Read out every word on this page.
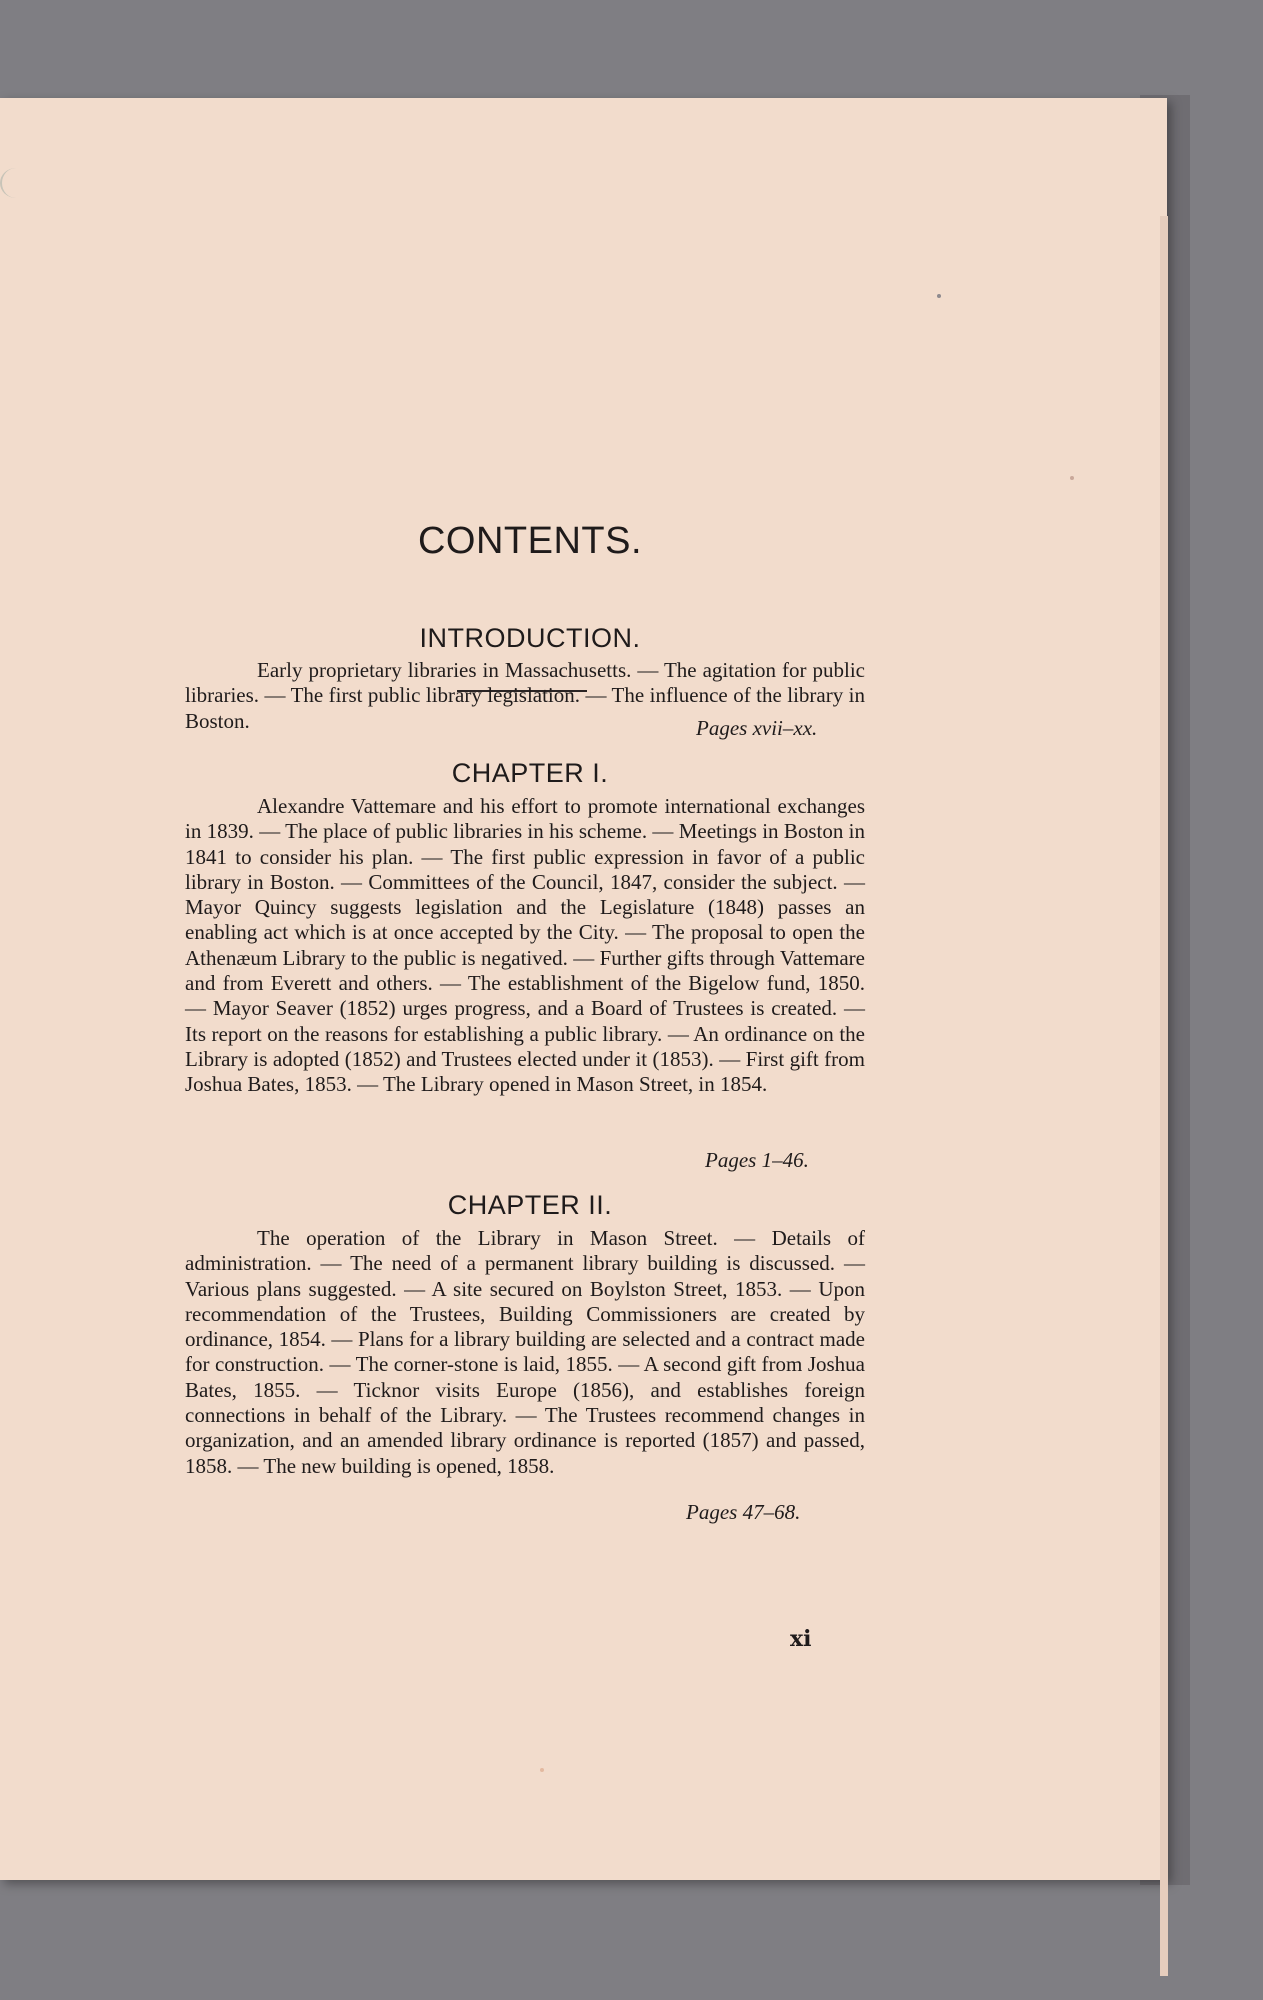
CONTENTS.
INTRODUCTION.

Early proprietary libraries in Massachusetts. — The agitation for public libraries. — The first public library legislation. — The influence of the library in Boston.	Pages xvii–xx.
CHAPTER I.

Alexandre Vattemare and his effort to promote international exchanges in 1839. — The place of public libraries in his scheme. — Meetings in Boston in 1841 to consider his plan. — The first public expression in favor of a public library in Boston. — Committees of the Council, 1847, consider the subject. — Mayor Quincy suggests legislation and the Legislature (1848) passes an enabling act which is at once accepted by the City. — The proposal to open the Athenæum Library to the public is negatived. — Further gifts through Vattemare and from Everett and others. — The establishment of the Bigelow fund, 1850. — Mayor Seaver (1852) urges progress, and a Board of Trustees is created. — Its report on the reasons for establishing a public library. — An ordinance on the Library is adopted (1852) and Trustees elected under it (1853). — First gift from Joshua Bates, 1853. — The Library opened in Mason Street, in 1854.

Pages 1–46.
CHAPTER II.

The operation of the Library in Mason Street. — Details of administration. — The need of a permanent library building is discussed. — Various plans suggested. — A site secured on Boylston Street, 1853. — Upon recommendation of the Trustees, Building Commissioners are created by ordinance, 1854. — Plans for a library building are selected and a contract made for construction. — The corner-stone is laid, 1855. — A second gift from Joshua Bates, 1855. — Ticknor visits Europe (1856), and establishes foreign connections in behalf of the Library. — The Trustees recommend changes in organization, and an amended library ordinance is reported (1857) and passed, 1858. — The new building is opened, 1858.

Pages 47–68.
xi
